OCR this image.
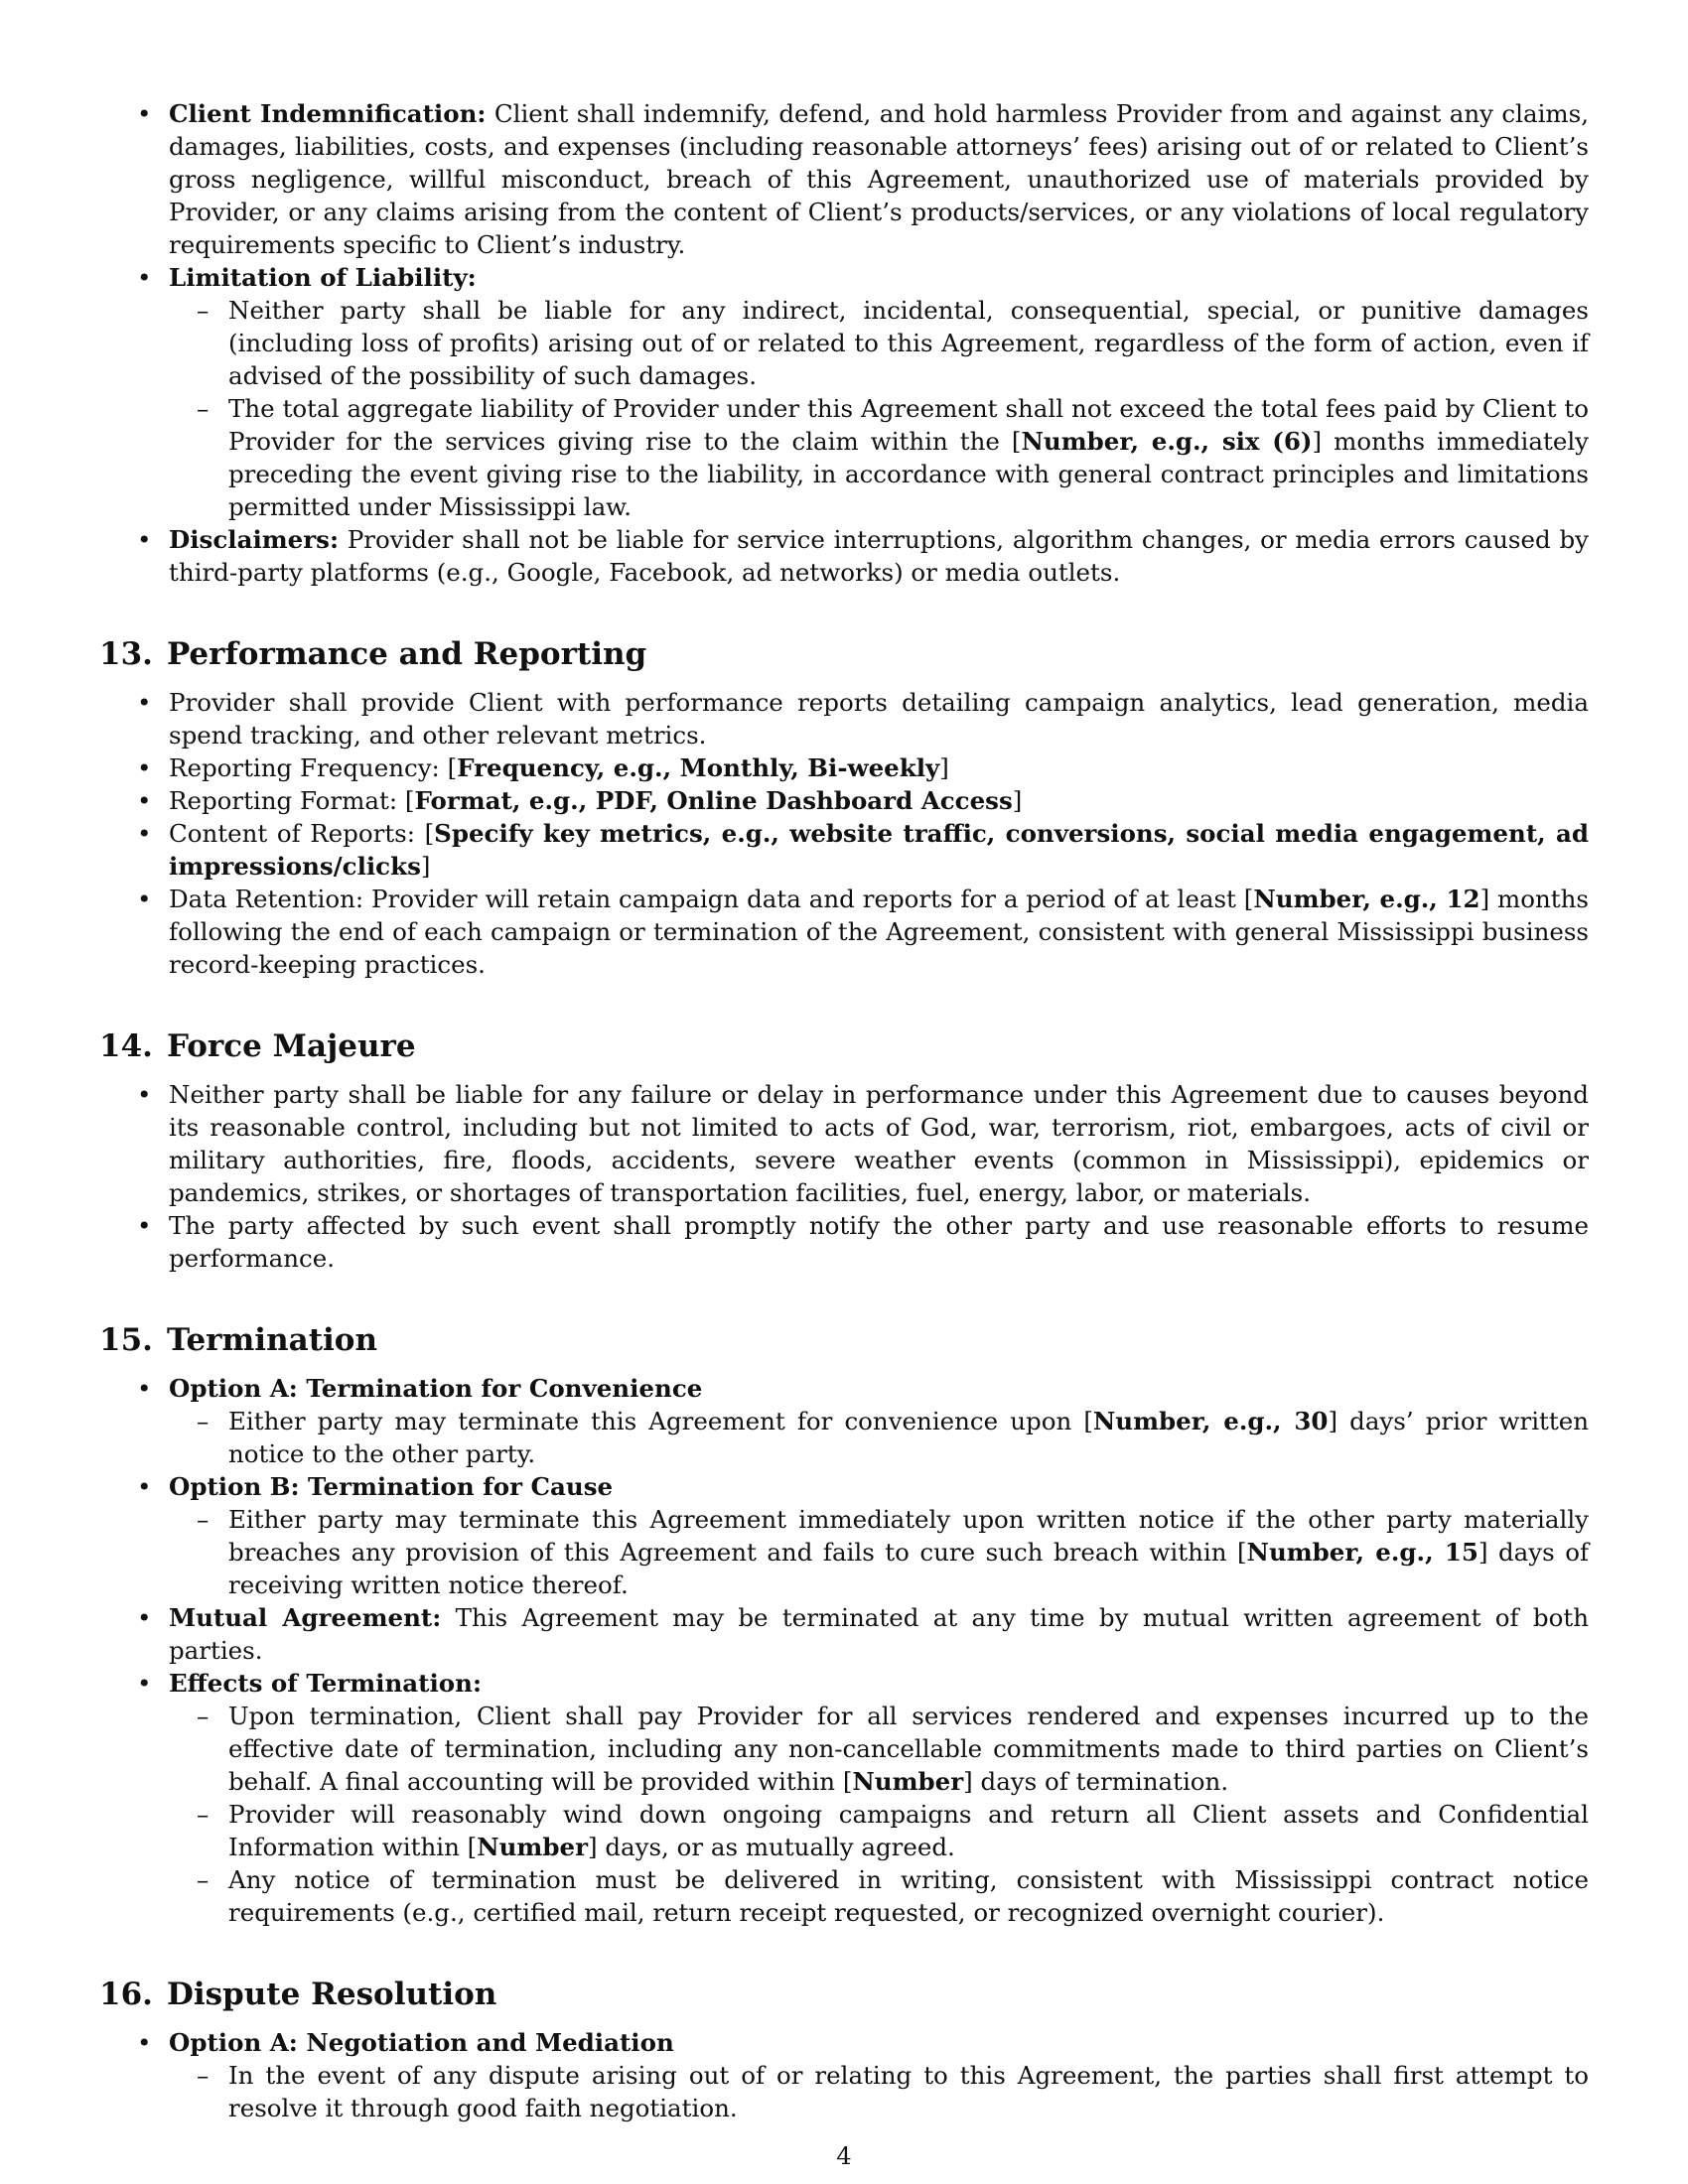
• Client Indemnification: Client shall indemnify, defend, and hold harmless Provider from and against any claims, damages, liabilities, costs, and expenses (including reasonable attorneys’ fees) arising out of or related to Client’s gross negligence, willful misconduct, breach of this Agreement, unauthorized use of materials provided by Provider, or any claims arising from the content of Client’s products/services, or any violations of local regulatory requirements specific to Client’s industry.
• Limitation of Liability:
– Neither party shall be liable for any indirect, incidental, consequential, special, or punitive damages (including loss of profits) arising out of or related to this Agreement, regardless of the form of action, even if advised of the possibility of such damages.
– The total aggregate liability of Provider under this Agreement shall not exceed the total fees paid by Client to Provider for the services giving rise to the claim within the [Number, e.g., six (6)] months immediately preceding the event giving rise to the liability, in accordance with general contract principles and limitations permitted under Mississippi law.
• Disclaimers: Provider shall not be liable for service interruptions, algorithm changes, or media errors caused by third-party platforms (e.g., Google, Facebook, ad networks) or media outlets.
13. Performance and Reporting
• Provider shall provide Client with performance reports detailing campaign analytics, lead generation, media spend tracking, and other relevant metrics.
• Reporting Frequency: [Frequency, e.g., Monthly, Bi-weekly]
• Reporting Format: [Format, e.g., PDF, Online Dashboard Access]
• Content of Reports: [Specify key metrics, e.g., website traffic, conversions, social media engagement, ad impressions/clicks]
• Data Retention: Provider will retain campaign data and reports for a period of at least [Number, e.g., 12] months following the end of each campaign or termination of the Agreement, consistent with general Mississippi business record-keeping practices.
14. Force Majeure
• Neither party shall be liable for any failure or delay in performance under this Agreement due to causes beyond its reasonable control, including but not limited to acts of God, war, terrorism, riot, embargoes, acts of civil or military authorities, fire, floods, accidents, severe weather events (common in Mississippi), epidemics or pandemics, strikes, or shortages of transportation facilities, fuel, energy, labor, or materials.
• The party affected by such event shall promptly notify the other party and use reasonable efforts to resume performance.
15. Termination
• Option A: Termination for Convenience
– Either party may terminate this Agreement for convenience upon [Number, e.g., 30] days’ prior written notice to the other party.
• Option B: Termination for Cause
– Either party may terminate this Agreement immediately upon written notice if the other party materially breaches any provision of this Agreement and fails to cure such breach within [Number, e.g., 15] days of receiving written notice thereof.
• Mutual Agreement: This Agreement may be terminated at any time by mutual written agreement of both parties.
• Effects of Termination:
– Upon termination, Client shall pay Provider for all services rendered and expenses incurred up to the effective date of termination, including any non-cancellable commitments made to third parties on Client’s behalf. A final accounting will be provided within [Number] days of termination.
– Provider will reasonably wind down ongoing campaigns and return all Client assets and Confidential Information within [Number] days, or as mutually agreed.
– Any notice of termination must be delivered in writing, consistent with Mississippi contract notice requirements (e.g., certified mail, return receipt requested, or recognized overnight courier).
16. Dispute Resolution
• Option A: Negotiation and Mediation
– In the event of any dispute arising out of or relating to this Agreement, the parties shall first attempt to resolve it through good faith negotiation.
4
